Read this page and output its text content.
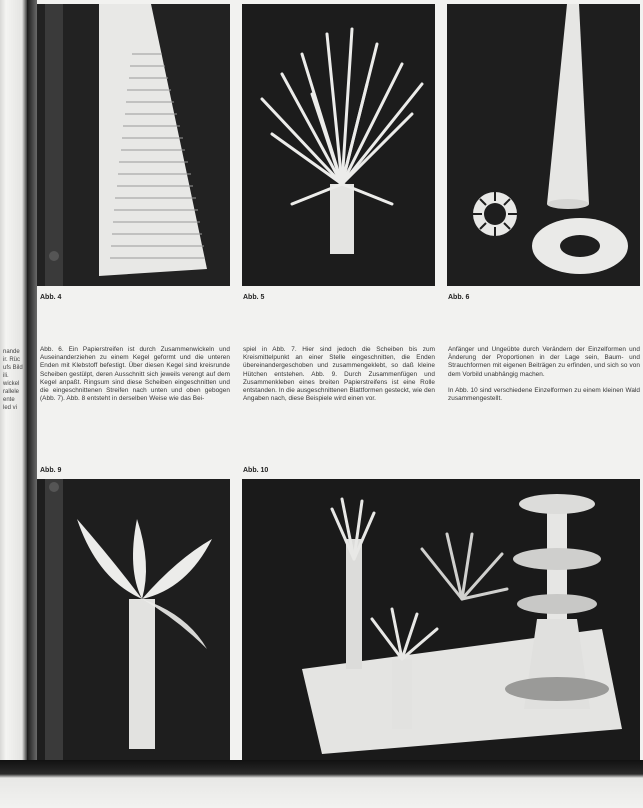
nande
ir. Rüc
ufs Bild
ili.
wickel
rallele
ente
led vi
Abb. 4	Abb. 5	Abb. 6
Abb. 6. Ein Papierstreifen ist durch Zusammenwickeln und Auseinanderziehen zu einem Kegel geformt und die unteren Enden mit Klebstoff befestigt. Über diesen Kegel sind kreisrunde Scheiben gestülpt, deren Ausschnitt sich jeweils verengt auf dem Kegel anpaßt. Ringsum sind diese Scheiben eingeschnitten und die eingeschnittenen Streifen nach unten und oben gebogen (Abb. 7). Abb. 8 entsteht in derselben Weise wie das Bei-
spiel in Abb. 7. Hier sind jedoch die Scheiben bis zum Kreismittelpunkt an einer Stelle eingeschnitten, die Enden übereinandergeschoben und zusammengeklebt, so daß kleine Hütchen entstehen. Abb. 9. Durch Zusammenfügen und Zusammenkleben eines breiten Papierstreifens ist eine Rolle entstanden. In die ausgeschnittenen Blattformen gesteckt, wie den Angaben nach, diese Beispiele wird einen vor.
Anfänger und Ungeübte durch Verändern der Einzelformen und Änderung der Proportionen in der Lage sein, Baum- und Strauchformen mit eigenen Beiträgen zu erfinden, und sich so von dem Vorbild unabhängig machen.

In Abb. 10 sind verschiedene Einzelformen zu einem kleinen Wald zusammengestellt.
Abb. 9	Abb. 10
